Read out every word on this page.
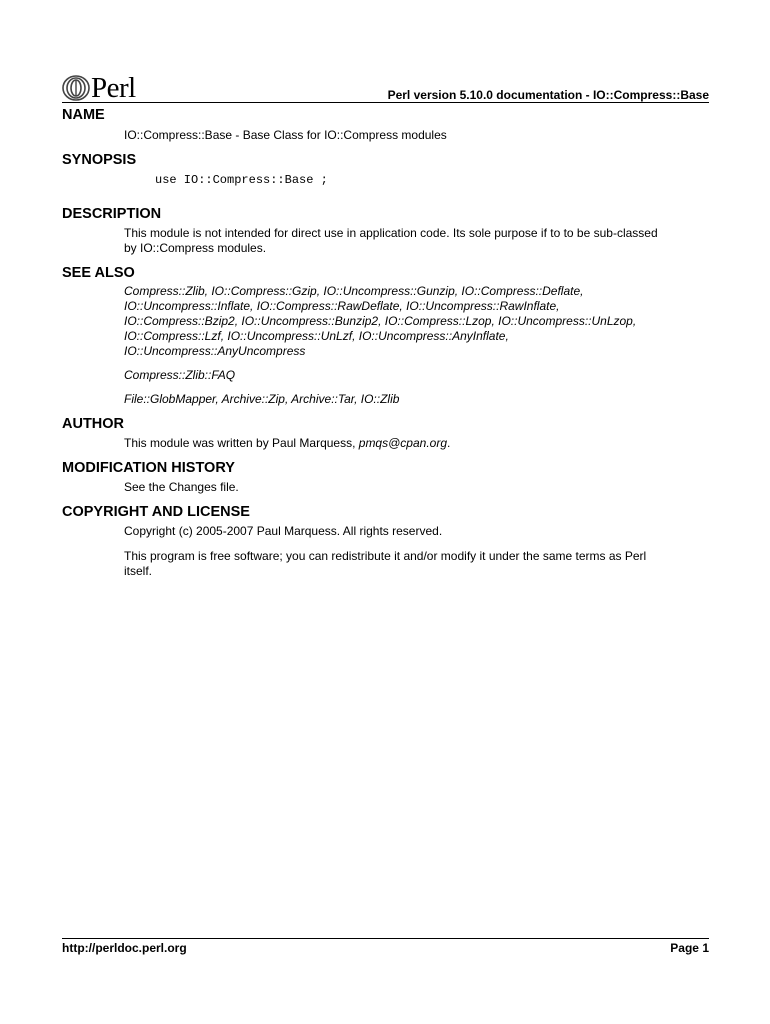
Perl	Perl version 5.10.0 documentation - IO::Compress::Base
NAME

IO::Compress::Base - Base Class for IO::Compress modules

SYNOPSIS
use IO::Compress::Base ;
DESCRIPTION

This module is not intended for direct use in application code. Its sole purpose if to to be sub-classed

by IO::Compress modules.

SEE ALSO

Compress::Zlib, IO::Compress::Gzip, IO::Uncompress::Gunzip, IO::Compress::Deflate,

IO::Uncompress::Inflate, IO::Compress::RawDeflate, IO::Uncompress::RawInflate,

IO::Compress::Bzip2, IO::Uncompress::Bunzip2, IO::Compress::Lzop, IO::Uncompress::UnLzop,

IO::Compress::Lzf, IO::Uncompress::UnLzf, IO::Uncompress::AnyInflate,

IO::Uncompress::AnyUncompress

Compress::Zlib::FAQ

File::GlobMapper, Archive::Zip, Archive::Tar, IO::Zlib

AUTHOR

This module was written by Paul Marquess, pmqs@cpan.org.

MODIFICATION HISTORY

See the Changes file.

COPYRIGHT AND LICENSE

Copyright (c) 2005-2007 Paul Marquess. All rights reserved.

This program is free software; you can redistribute it and/or modify it under the same terms as Perl

itself.

http://perldoc.perl.org	Page 1
